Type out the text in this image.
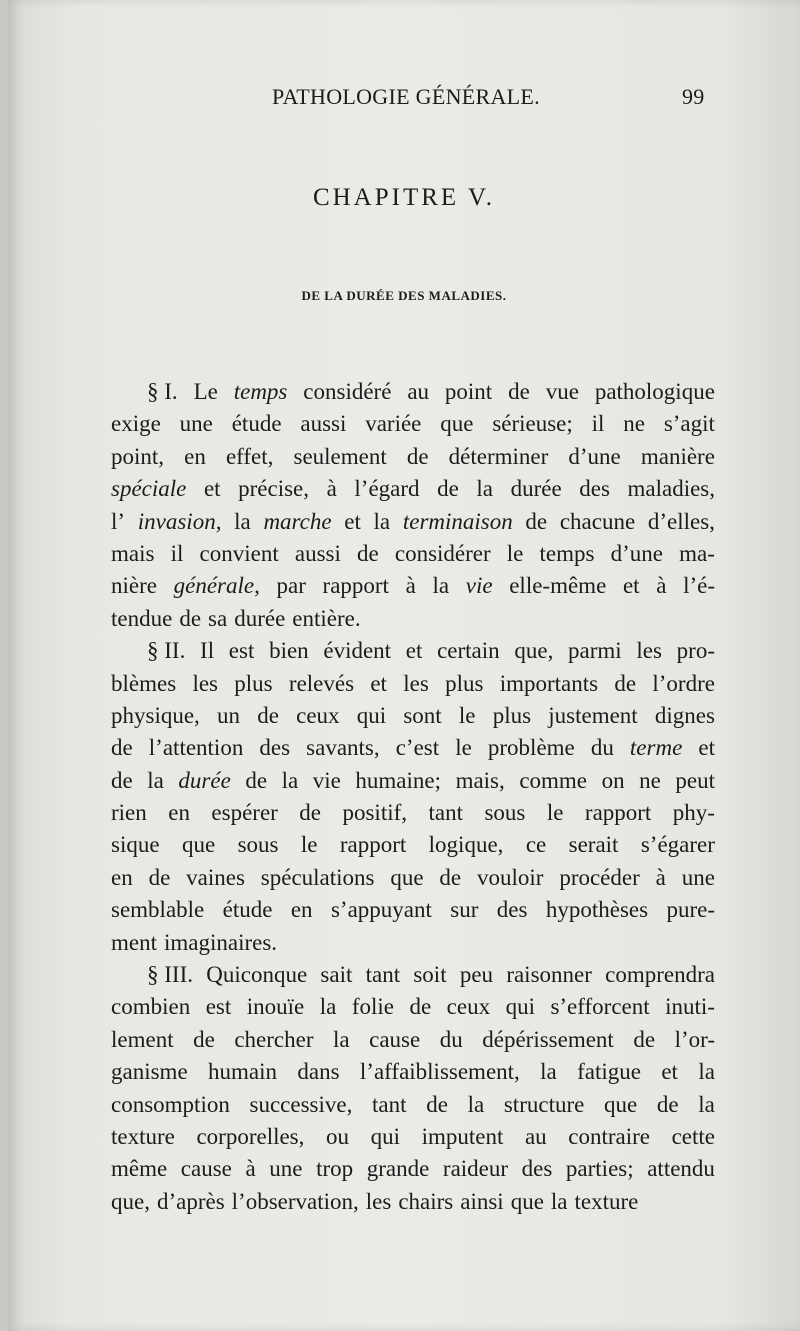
PATHOLOGIE GÉNÉRALE.	99
CHAPITRE V.
DE LA DURÉE DES MALADIES.
§ I. Le temps considéré au point de vue pathologique
exige une étude aussi variée que sérieuse; il ne s’agit
point, en effet, seulement de déterminer d’une manière
spéciale et précise, à l’égard de la durée des maladies,
l’ invasion, la marche et la terminaison de chacune d’elles,
mais il convient aussi de considérer le temps d’une ma-
nière générale, par rapport à la vie elle-même et à l’é-
tendue de sa durée entière.
§ II. Il est bien évident et certain que, parmi les pro-
blèmes les plus relevés et les plus importants de l’ordre
physique, un de ceux qui sont le plus justement dignes
de l’attention des savants, c’est le problème du terme et
de la durée de la vie humaine; mais, comme on ne peut
rien en espérer de positif, tant sous le rapport phy-
sique que sous le rapport logique, ce serait s’égarer
en de vaines spéculations que de vouloir procéder à une
semblable étude en s’appuyant sur des hypothèses pure-
ment imaginaires.
§ III. Quiconque sait tant soit peu raisonner comprendra
combien est inouïe la folie de ceux qui s’efforcent inuti-
lement de chercher la cause du dépérissement de l’or-
ganisme humain dans l’affaiblissement, la fatigue et la
consomption successive, tant de la structure que de la
texture corporelles, ou qui imputent au contraire cette
même cause à une trop grande raideur des parties; attendu
que, d’après l’observation, les chairs ainsi que la texture
